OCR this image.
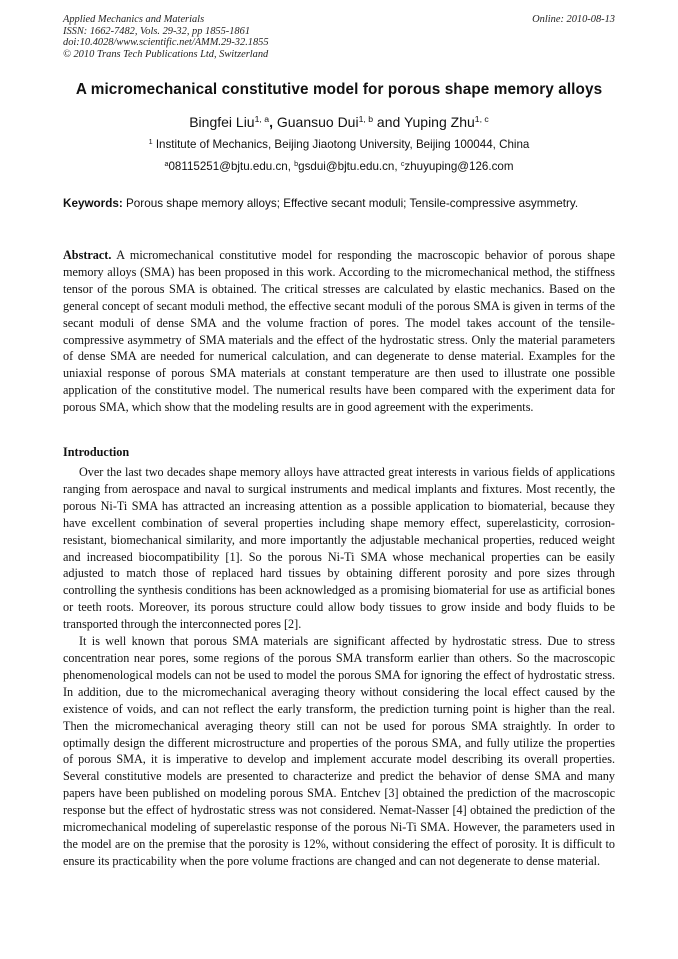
Applied Mechanics and Materials
ISSN: 1662-7482, Vols. 29-32, pp 1855-1861
doi:10.4028/www.scientific.net/AMM.29-32.1855
© 2010 Trans Tech Publications Ltd, Switzerland
Online: 2010-08-13
A micromechanical constitutive model for porous shape memory alloys
Bingfei Liu$^{1, a}$, Guansuo Dui$^{1, b}$ and Yuping Zhu$^{1, c}$
$^1$ Institute of Mechanics, Beijing Jiaotong University, Beijing 100044, China
$^a$08115251@bjtu.edu.cn, $^b$gsdui@bjtu.edu.cn, $^c$zhuyuping@126.com
Keywords: Porous shape memory alloys; Effective secant moduli; Tensile-compressive asymmetry.
Abstract. A micromechanical constitutive model for responding the macroscopic behavior of porous shape memory alloys (SMA) has been proposed in this work. According to the micromechanical method, the stiffness tensor of the porous SMA is obtained. The critical stresses are calculated by elastic mechanics. Based on the general concept of secant moduli method, the effective secant moduli of the porous SMA is given in terms of the secant moduli of dense SMA and the volume fraction of pores. The model takes account of the tensile-compressive asymmetry of SMA materials and the effect of the hydrostatic stress. Only the material parameters of dense SMA are needed for numerical calculation, and can degenerate to dense material. Examples for the uniaxial response of porous SMA materials at constant temperature are then used to illustrate one possible application of the constitutive model. The numerical results have been compared with the experiment data for porous SMA, which show that the modeling results are in good agreement with the experiments.
Introduction

Over the last two decades shape memory alloys have attracted great interests in various fields of applications ranging from aerospace and naval to surgical instruments and medical implants and fixtures. Most recently, the porous Ni-Ti SMA has attracted an increasing attention as a possible application to biomaterial, because they have excellent combination of several properties including shape memory effect, superelasticity, corrosion-resistant, biomechanical similarity, and more importantly the adjustable mechanical properties, reduced weight and increased biocompatibility [1]. So the porous Ni-Ti SMA whose mechanical properties can be easily adjusted to match those of replaced hard tissues by obtaining different porosity and pore sizes through controlling the synthesis conditions has been acknowledged as a promising biomaterial for use as artificial bones or teeth roots. Moreover, its porous structure could allow body tissues to grow inside and body fluids to be transported through the interconnected pores [2].

It is well known that porous SMA materials are significant affected by hydrostatic stress. Due to stress concentration near pores, some regions of the porous SMA transform earlier than others. So the macroscopic phenomenological models can not be used to model the porous SMA for ignoring the effect of hydrostatic stress. In addition, due to the micromechanical averaging theory without considering the local effect caused by the existence of voids, and can not reflect the early transform, the prediction turning point is higher than the real. Then the micromechanical averaging theory still can not be used for porous SMA straightly. In order to optimally design the different microstructure and properties of the porous SMA, and fully utilize the properties of porous SMA, it is imperative to develop and implement accurate model describing its overall properties. Several constitutive models are presented to characterize and predict the behavior of dense SMA and many papers have been published on modeling porous SMA. Entchev [3] obtained the prediction of the macroscopic response but the effect of hydrostatic stress was not considered. Nemat-Nasser [4] obtained the prediction of the micromechanical modeling of superelastic response of the porous Ni-Ti SMA. However, the parameters used in the model are on the premise that the porosity is 12%, without considering the effect of porosity. It is difficult to ensure its practicability when the pore volume fractions are changed and can not degenerate to dense material.
